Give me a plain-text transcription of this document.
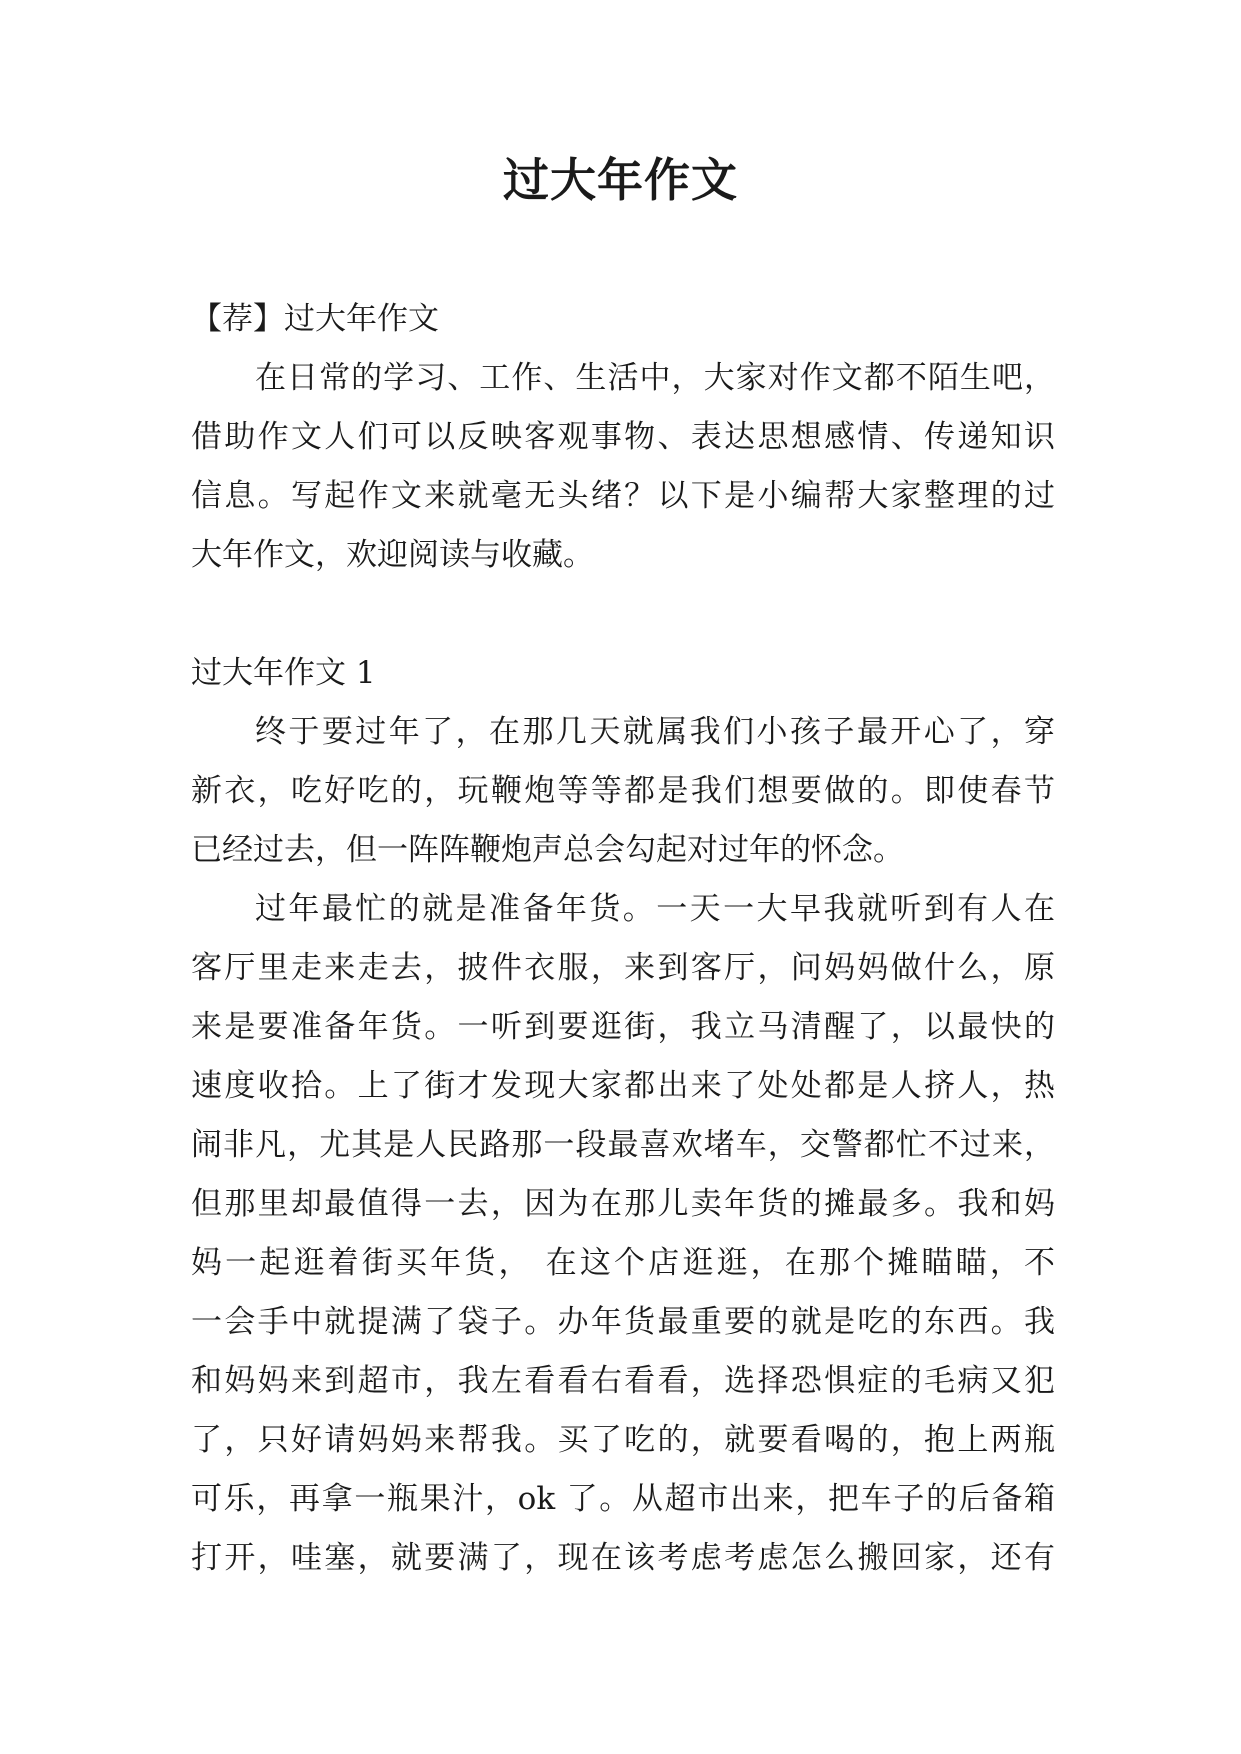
过大年作文
【荐】过大年作文
在日常的学习、工作、生活中，大家对作文都不陌生吧，
借助作文人们可以反映客观事物、表达思想感情、传递知识
信息。写起作文来就毫无头绪？以下是小编帮大家整理的过
大年作文，欢迎阅读与收藏。
过大年作文 1
终于要过年了，在那几天就属我们小孩子最开心了，穿
新衣，吃好吃的，玩鞭炮等等都是我们想要做的。即使春节
已经过去，但一阵阵鞭炮声总会勾起对过年的怀念。
过年最忙的就是准备年货。一天一大早我就听到有人在
客厅里走来走去，披件衣服，来到客厅，问妈妈做什么，原
来是要准备年货。一听到要逛街，我立马清醒了，以最快的
速度收拾。上了街才发现大家都出来了处处都是人挤人，热
闹非凡，尤其是人民路那一段最喜欢堵车，交警都忙不过来，
但那里却最值得一去，因为在那儿卖年货的摊最多。我和妈
妈一起逛着街买年货， 在这个店逛逛，在那个摊瞄瞄，不
一会手中就提满了袋子。办年货最重要的就是吃的东西。我
和妈妈来到超市，我左看看右看看，选择恐惧症的毛病又犯
了，只好请妈妈来帮我。买了吃的，就要看喝的，抱上两瓶
可乐，再拿一瓶果汁，ok 了。从超市出来，把车子的后备箱
打开，哇塞，就要满了，现在该考虑考虑怎么搬回家，还有
